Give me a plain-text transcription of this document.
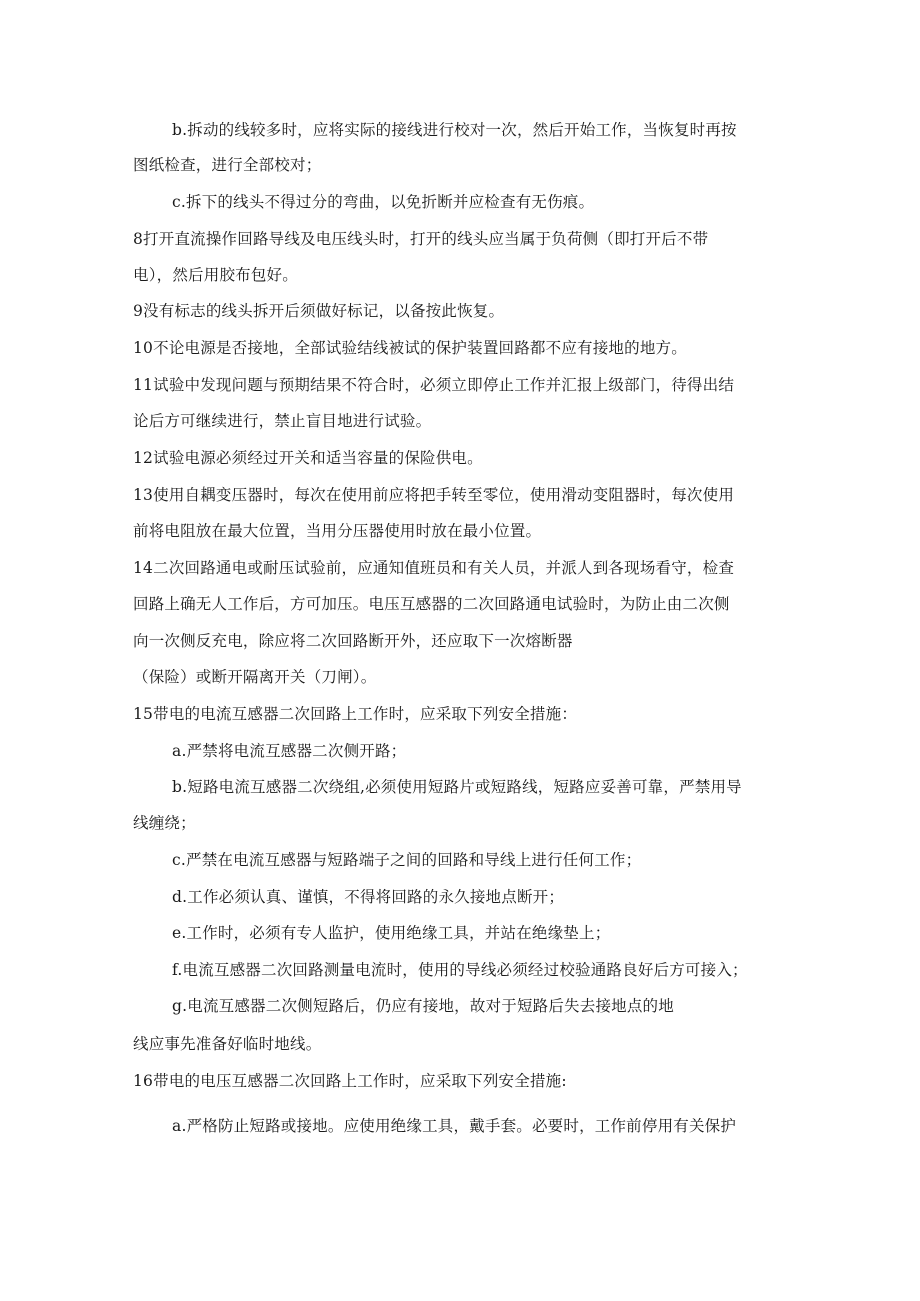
b.拆动的线较多时，应将实际的接线进行校对一次，然后开始工作，当恢复时再按
图纸检查，进行全部校对；
c.拆下的线头不得过分的弯曲，以免折断并应检查有无伤痕。
8打开直流操作回路导线及电压线头时，打开的线头应当属于负荷侧（即打开后不带
电），然后用胶布包好。
9没有标志的线头拆开后须做好标记，以备按此恢复。
10不论电源是否接地，全部试验结线被试的保护装置回路都不应有接地的地方。
11试验中发现问题与预期结果不符合时，必须立即停止工作并汇报上级部门，待得出结
论后方可继续进行，禁止盲目地进行试验。
12试验电源必须经过开关和适当容量的保险供电。
13使用自耦变压器时，每次在使用前应将把手转至零位，使用滑动变阻器时，每次使用
前将电阻放在最大位置，当用分压器使用时放在最小位置。
14二次回路通电或耐压试验前，应通知值班员和有关人员，并派人到各现场看守，检查
回路上确无人工作后，方可加压。电压互感器的二次回路通电试验时，为防止由二次侧
向一次侧反充电，除应将二次回路断开外，还应取下一次熔断器
（保险）或断开隔离开关（刀闸）。
15带电的电流互感器二次回路上工作时，应采取下列安全措施：
a.严禁将电流互感器二次侧开路；
b.短路电流互感器二次绕组,必须使用短路片或短路线，短路应妥善可靠，严禁用导
线缠绕；
c.严禁在电流互感器与短路端子之间的回路和导线上进行任何工作；
d.工作必须认真、谨慎，不得将回路的永久接地点断开；
e.工作时，必须有专人监护，使用绝缘工具，并站在绝缘垫上；
f.电流互感器二次回路测量电流时，使用的导线必须经过校验通路良好后方可接入；
g.电流互感器二次侧短路后，仍应有接地，故对于短路后失去接地点的地
线应事先准备好临时地线。
16带电的电压互感器二次回路上工作时，应采取下列安全措施:
a.严格防止短路或接地。应使用绝缘工具，戴手套。必要时，工作前停用有关保护
